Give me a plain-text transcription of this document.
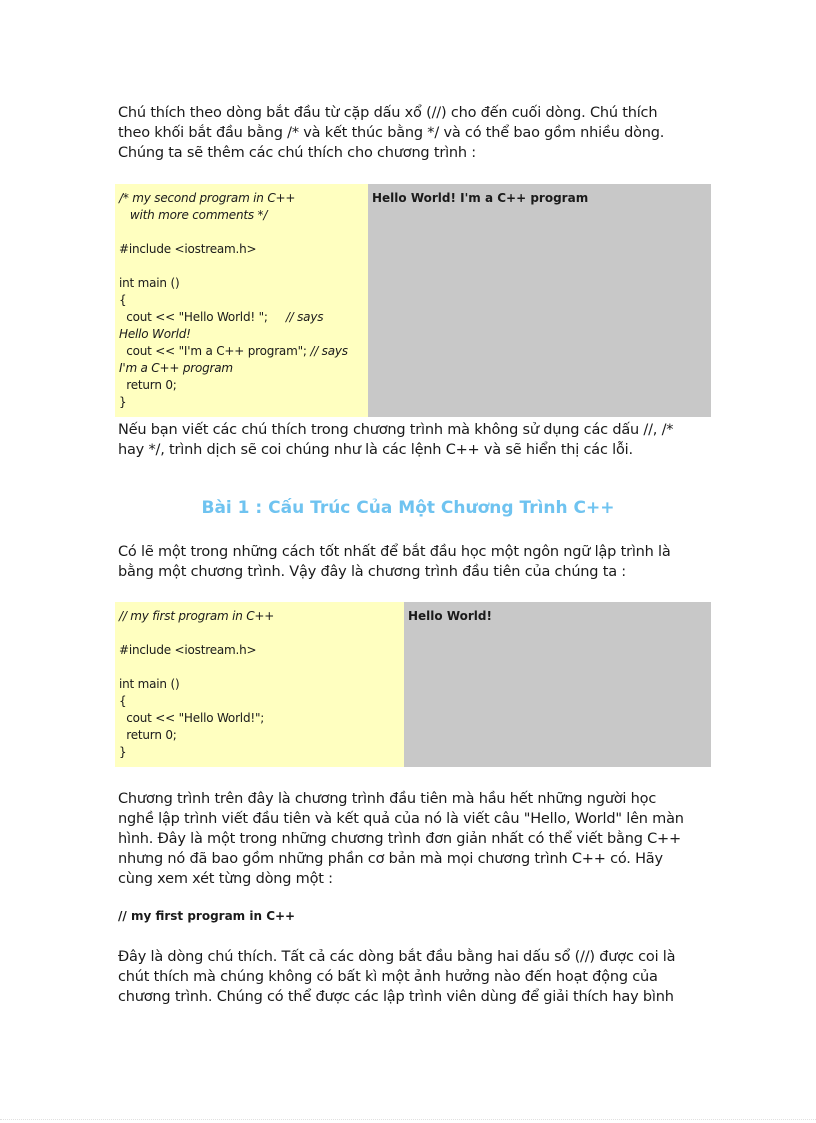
Chú thích theo dòng bắt đầu từ cặp dấu xổ (//) cho đến cuối dòng. Chú thích
theo khối bắt đầu bằng /* và kết thúc bằng */ và có thể bao gồm nhiều dòng.
Chúng ta sẽ thêm các chú thích cho chương trình :
/* my second program in C++
with more comments */
#include <iostream.h>
int main ()
{
cout << "Hello World! ";     // says
Hello World!
cout << "I'm a C++ program"; // says
I'm a C++ program
return 0;
}
Hello World! I'm a C++ program
Nếu bạn viết các chú thích trong chương trình mà không sử dụng các dấu //, /*
hay */, trình dịch sẽ coi chúng như là các lệnh C++ và sẽ hiển thị các lỗi.
Bài 1 : Cấu Trúc Của Một Chương Trình C++
Có lẽ một trong những cách tốt nhất để bắt đầu học một ngôn ngữ lập trình là
bằng một chương trình. Vậy đây là chương trình đầu tiên của chúng ta :
// my first program in C++
#include <iostream.h>
int main ()
{
cout << "Hello World!";
return 0;
}
Hello World!
Chương trình trên đây là chương trình đầu tiên mà hầu hết những người học
nghề lập trình viết đầu tiên và kết quả của nó là viết câu "Hello, World" lên màn
hình. Đây là một trong những chương trình đơn giản nhất có thể viết bằng C++
nhưng nó đã bao gồm những phần cơ bản mà mọi chương trình C++ có. Hãy
cùng xem xét từng dòng một :

// my first program in C++

Đây là dòng chú thích. Tất cả các dòng bắt đầu bằng hai dấu sổ (//) được coi là
chút thích mà chúng không có bất kì một ảnh hưởng nào đến hoạt động của
chương trình. Chúng có thể được các lập trình viên dùng để giải thích hay bình
